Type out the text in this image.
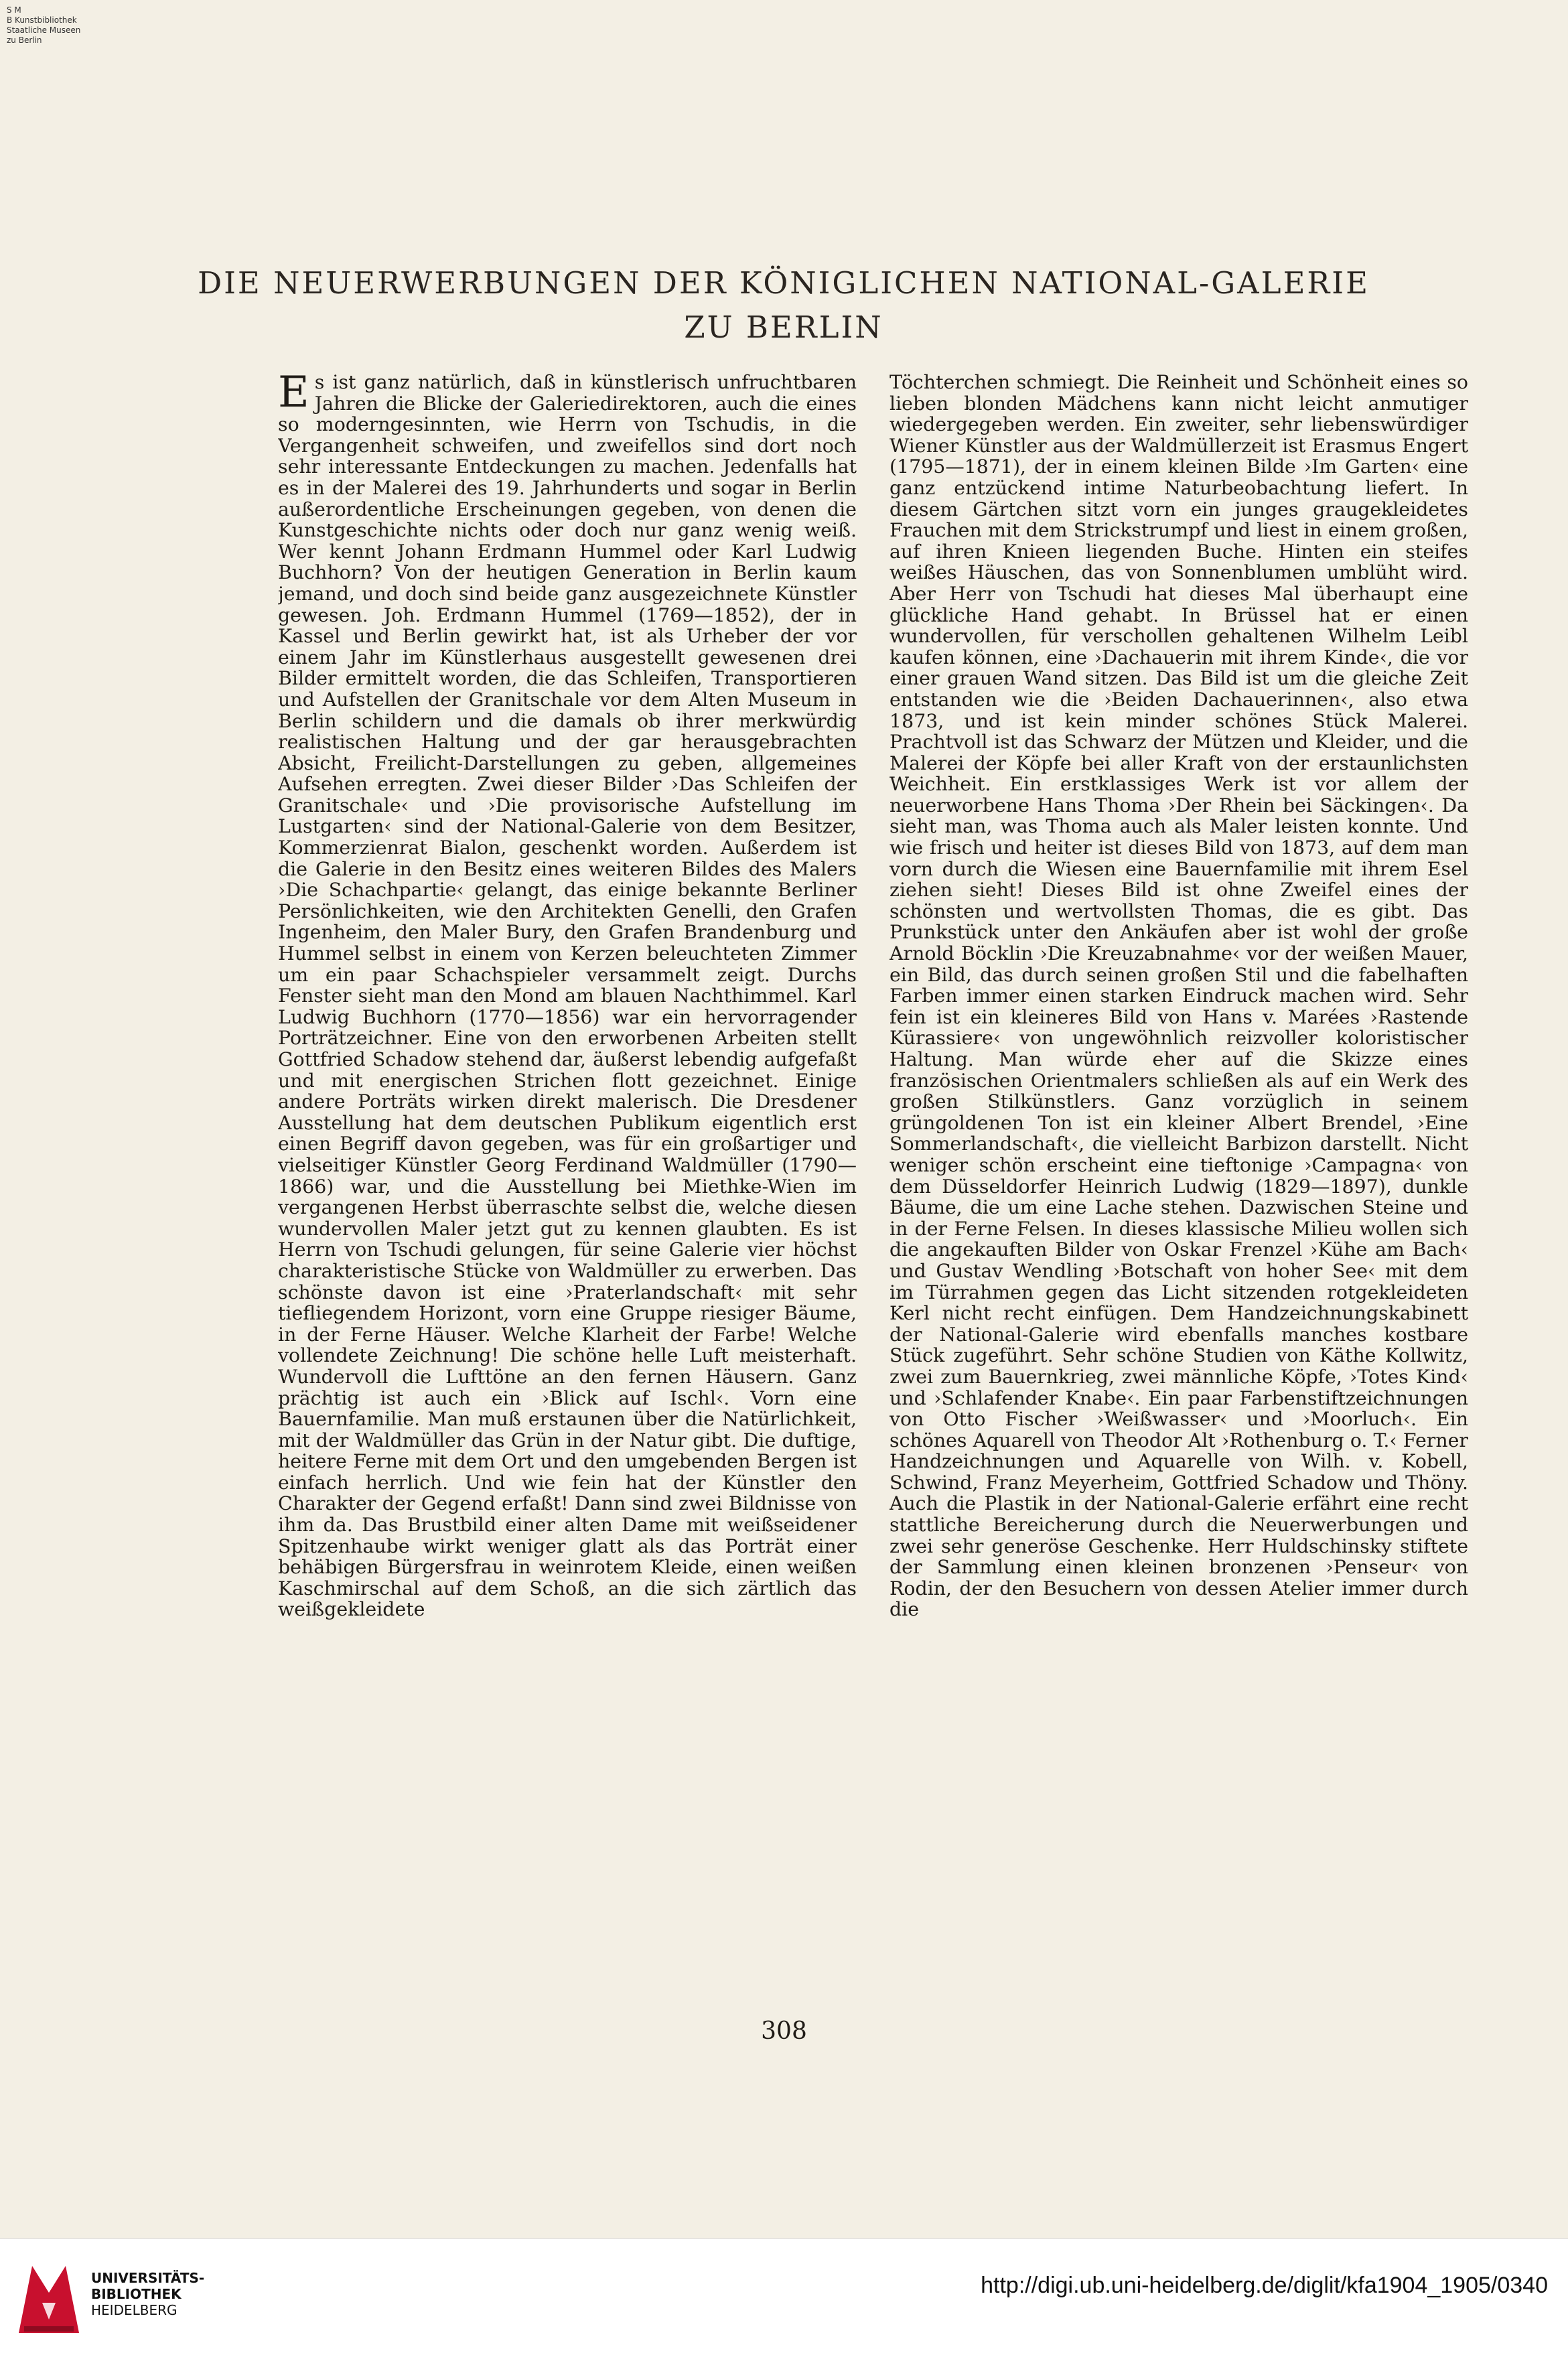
S M
B Kunstbibliothek
Staatliche Museen
zu Berlin
DIE NEUERWERBUNGEN DER KÖNIGLICHEN NATIONAL-GALERIE
ZU BERLIN
E s ist ganz natürlich, daß in künstlerisch unfruchtbaren Jahren die Blicke der Galeriedirektoren, auch die eines so moderngesinnten, wie Herrn von Tschudis, in die Vergangenheit schweifen, und zweifellos sind dort noch sehr interessante Entdeckungen zu machen. Jedenfalls hat es in der Malerei des 19. Jahrhunderts und sogar in Berlin außerordentliche Erscheinungen gegeben, von denen die Kunstgeschichte nichts oder doch nur ganz wenig weiß. Wer kennt Johann Erdmann Hummel oder Karl Ludwig Buchhorn? Von der heutigen Generation in Berlin kaum jemand, und doch sind beide ganz ausgezeichnete Künstler gewesen. Joh. Erdmann Hummel (1769—1852), der in Kassel und Berlin gewirkt hat, ist als Urheber der vor einem Jahr im Künstlerhaus ausgestellt gewesenen drei Bilder ermittelt worden, die das Schleifen, Transportieren und Aufstellen der Granitschale vor dem Alten Museum in Berlin schildern und die damals ob ihrer merkwürdig realistischen Haltung und der gar herausgebrachten Absicht, Freilicht-Darstellungen zu geben, allgemeines Aufsehen erregten. Zwei dieser Bilder ›Das Schleifen der Granitschale‹ und ›Die provisorische Aufstellung im Lustgarten‹ sind der National-Galerie von dem Besitzer, Kommerzienrat Bialon, geschenkt worden. Außerdem ist die Galerie in den Besitz eines weiteren Bildes des Malers ›Die Schachpartie‹ gelangt, das einige bekannte Berliner Persönlichkeiten, wie den Architekten Genelli, den Grafen Ingenheim, den Maler Bury, den Grafen Brandenburg und Hummel selbst in einem von Kerzen beleuchteten Zimmer um ein paar Schachspieler versammelt zeigt. Durchs Fenster sieht man den Mond am blauen Nachthimmel. Karl Ludwig Buchhorn (1770—1856) war ein hervorragender Porträtzeichner. Eine von den erworbenen Arbeiten stellt Gottfried Schadow stehend dar, äußerst lebendig aufgefaßt und mit energischen Strichen flott gezeichnet. Einige andere Porträts wirken direkt malerisch. Die Dresdener Ausstellung hat dem deutschen Publikum eigentlich erst einen Begriff davon gegeben, was für ein großartiger und vielseitiger Künstler Georg Ferdinand Waldmüller (1790—1866) war, und die Ausstellung bei Miethke-Wien im vergangenen Herbst überraschte selbst die, welche diesen wundervollen Maler jetzt gut zu kennen glaubten. Es ist Herrn von Tschudi gelungen, für seine Galerie vier höchst charakteristische Stücke von Waldmüller zu erwerben. Das schönste davon ist eine ›Praterlandschaft‹ mit sehr tiefliegendem Horizont, vorn eine Gruppe riesiger Bäume, in der Ferne Häuser. Welche Klarheit der Farbe! Welche vollendete Zeichnung! Die schöne helle Luft meisterhaft. Wundervoll die Lufttöne an den fernen Häusern. Ganz prächtig ist auch ein ›Blick auf Ischl‹. Vorn eine Bauernfamilie. Man muß erstaunen über die Natürlichkeit, mit der Waldmüller das Grün in der Natur gibt. Die duftige, heitere Ferne mit dem Ort und den umgebenden Bergen ist einfach herrlich. Und wie fein hat der Künstler den Charakter der Gegend erfaßt! Dann sind zwei Bildnisse von ihm da. Das Brustbild einer alten Dame mit weißseidener Spitzenhaube wirkt weniger glatt als das Porträt einer behäbigen Bürgersfrau in weinrotem Kleide, einen weißen Kaschmirschal auf dem Schoß, an die sich zärtlich das weißgekleidete

Töchterchen schmiegt. Die Reinheit und Schönheit eines so lieben blonden Mädchens kann nicht leicht anmutiger wiedergegeben werden. Ein zweiter, sehr liebenswürdiger Wiener Künstler aus der Waldmüllerzeit ist Erasmus Engert (1795—1871), der in einem kleinen Bilde ›Im Garten‹ eine ganz entzückend intime Naturbeobachtung liefert. In diesem Gärtchen sitzt vorn ein junges graugekleidetes Frauchen mit dem Strickstrumpf und liest in einem großen, auf ihren Knieen liegenden Buche. Hinten ein steifes weißes Häuschen, das von Sonnenblumen umblüht wird. Aber Herr von Tschudi hat dieses Mal überhaupt eine glückliche Hand gehabt. In Brüssel hat er einen wundervollen, für verschollen gehaltenen Wilhelm Leibl kaufen können, eine ›Dachauerin mit ihrem Kinde‹, die vor einer grauen Wand sitzen. Das Bild ist um die gleiche Zeit entstanden wie die ›Beiden Dachauerinnen‹, also etwa 1873, und ist kein minder schönes Stück Malerei. Prachtvoll ist das Schwarz der Mützen und Kleider, und die Malerei der Köpfe bei aller Kraft von der erstaunlichsten Weichheit. Ein erstklassiges Werk ist vor allem der neuerworbene Hans Thoma ›Der Rhein bei Säckingen‹. Da sieht man, was Thoma auch als Maler leisten konnte. Und wie frisch und heiter ist dieses Bild von 1873, auf dem man vorn durch die Wiesen eine Bauernfamilie mit ihrem Esel ziehen sieht! Dieses Bild ist ohne Zweifel eines der schönsten und wertvollsten Thomas, die es gibt. Das Prunkstück unter den Ankäufen aber ist wohl der große Arnold Böcklin ›Die Kreuzabnahme‹ vor der weißen Mauer, ein Bild, das durch seinen großen Stil und die fabelhaften Farben immer einen starken Eindruck machen wird. Sehr fein ist ein kleineres Bild von Hans v. Marées ›Rastende Kürassiere‹ von ungewöhnlich reizvoller koloristischer Haltung. Man würde eher auf die Skizze eines französischen Orientmalers schließen als auf ein Werk des großen Stilkünstlers. Ganz vorzüglich in seinem grüngoldenen Ton ist ein kleiner Albert Brendel, ›Eine Sommerlandschaft‹, die vielleicht Barbizon darstellt. Nicht weniger schön erscheint eine tieftonige ›Campagna‹ von dem Düsseldorfer Heinrich Ludwig (1829—1897), dunkle Bäume, die um eine Lache stehen. Dazwischen Steine und in der Ferne Felsen. In dieses klassische Milieu wollen sich die angekauften Bilder von Oskar Frenzel ›Kühe am Bach‹ und Gustav Wendling ›Botschaft von hoher See‹ mit dem im Türrahmen gegen das Licht sitzenden rotgekleideten Kerl nicht recht einfügen. Dem Handzeichnungskabinett der National-Galerie wird ebenfalls manches kostbare Stück zugeführt. Sehr schöne Studien von Käthe Kollwitz, zwei zum Bauernkrieg, zwei männliche Köpfe, ›Totes Kind‹ und ›Schlafender Knabe‹. Ein paar Farbenstiftzeichnungen von Otto Fischer ›Weißwasser‹ und ›Moorluch‹. Ein schönes Aquarell von Theodor Alt ›Rothenburg o. T.‹ Ferner Handzeichnungen und Aquarelle von Wilh. v. Kobell, Schwind, Franz Meyerheim, Gottfried Schadow und Thöny. Auch die Plastik in der National-Galerie erfährt eine recht stattliche Bereicherung durch die Neuerwerbungen und zwei sehr generöse Geschenke. Herr Huldschinsky stiftete der Sammlung einen kleinen bronzenen ›Penseur‹ von Rodin, der den Besuchern von dessen Atelier immer durch die

308
UNIVERSITÄTS-
BIBLIOTHEK
HEIDELBERG
http://digi.ub.uni-heidelberg.de/diglit/kfa1904_1905/0340
